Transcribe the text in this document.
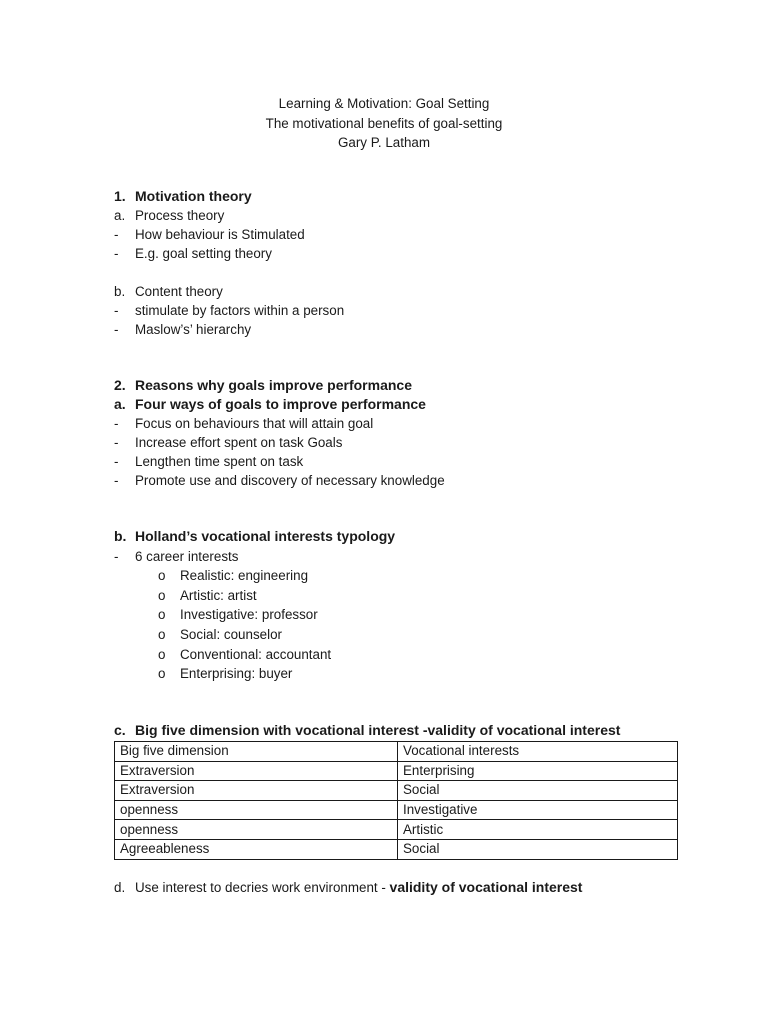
Learning & Motivation: Goal Setting
The motivational benefits of goal-setting
Gary P. Latham
1. Motivation theory
a. Process theory
- How behaviour is Stimulated
- E.g. goal setting theory
b. Content theory
- stimulate by factors within a person
- Maslow’s’ hierarchy
2. Reasons why goals improve performance
a. Four ways of goals to improve performance
- Focus on behaviours that will attain goal
- Increase effort spent on task Goals
- Lengthen time spent on task
- Promote use and discovery of necessary knowledge
b. Holland’s vocational interests typology
- 6 career interests
o Realistic: engineering
o Artistic: artist
o Investigative: professor
o Social: counselor
o Conventional: accountant
o Enterprising: buyer
c. Big five dimension with vocational interest -validity of vocational interest
Big five dimension	Vocational interests
Extraversion	Enterprising
Extraversion	Social
openness	Investigative
openness	Artistic
Agreeableness	Social
d. Use interest to decries work environment - validity of vocational interest
